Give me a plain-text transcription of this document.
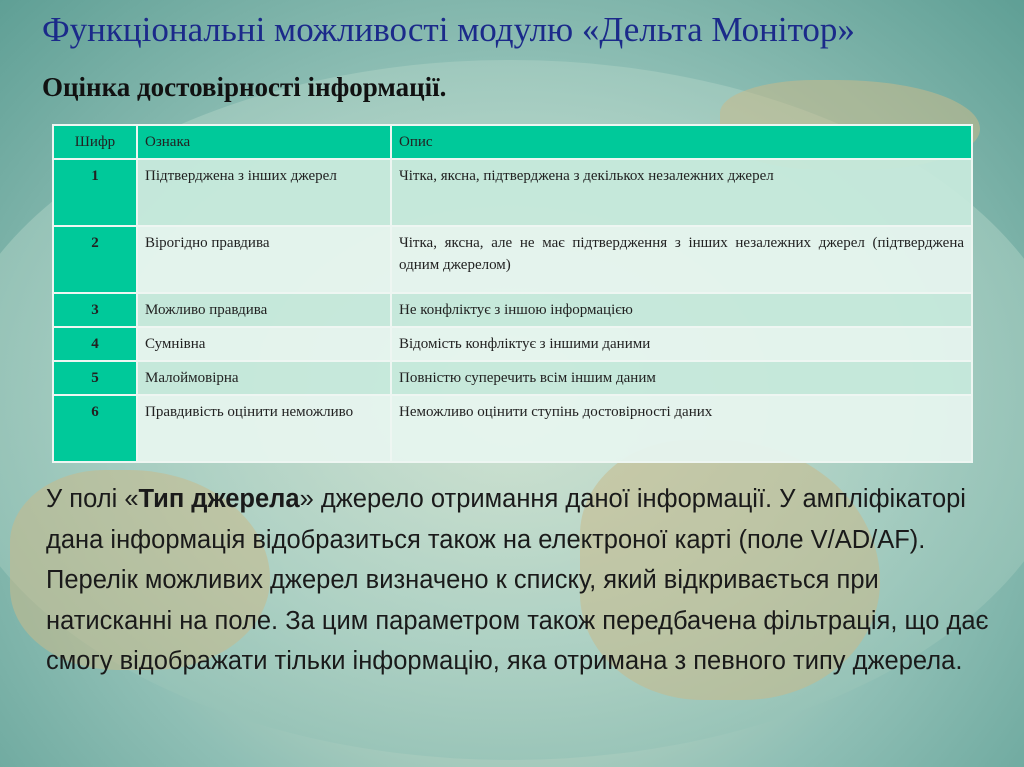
Функціональні можливості модулю «Дельта Монітор»
Оцінка достовірності інформації.
Шифр	Ознака	Опис
1	Підтверджена з інших джерел	Чітка, яксна, підтверджена з декількох незалежних джерел
2	Вірогідно правдива	Чітка, яксна, але не має підтвердження з інших незалежних джерел (підтверджена одним джерелом)
3	Можливо правдива	Не конфліктує з іншою інформацією
4	Сумнівна	Відомість конфліктує з іншими даними
5	Малоймовірна	Повністю суперечить всім іншим даним
6	Правдивість оцінити неможливо	Неможливо оцінити ступінь достовірності даних
У полі «Тип джерела» джерело отримання даної інформації. У ампліфікаторі дана інформація відобразиться також на електроної карті (поле V/AD/AF). Перелік можливих джерел визначено к списку, який відкривається при натисканні на поле. За цим параметром також передбачена фільтрація, що дає смогу відображати тільки інформацію, яка отримана з певного типу джерела.
